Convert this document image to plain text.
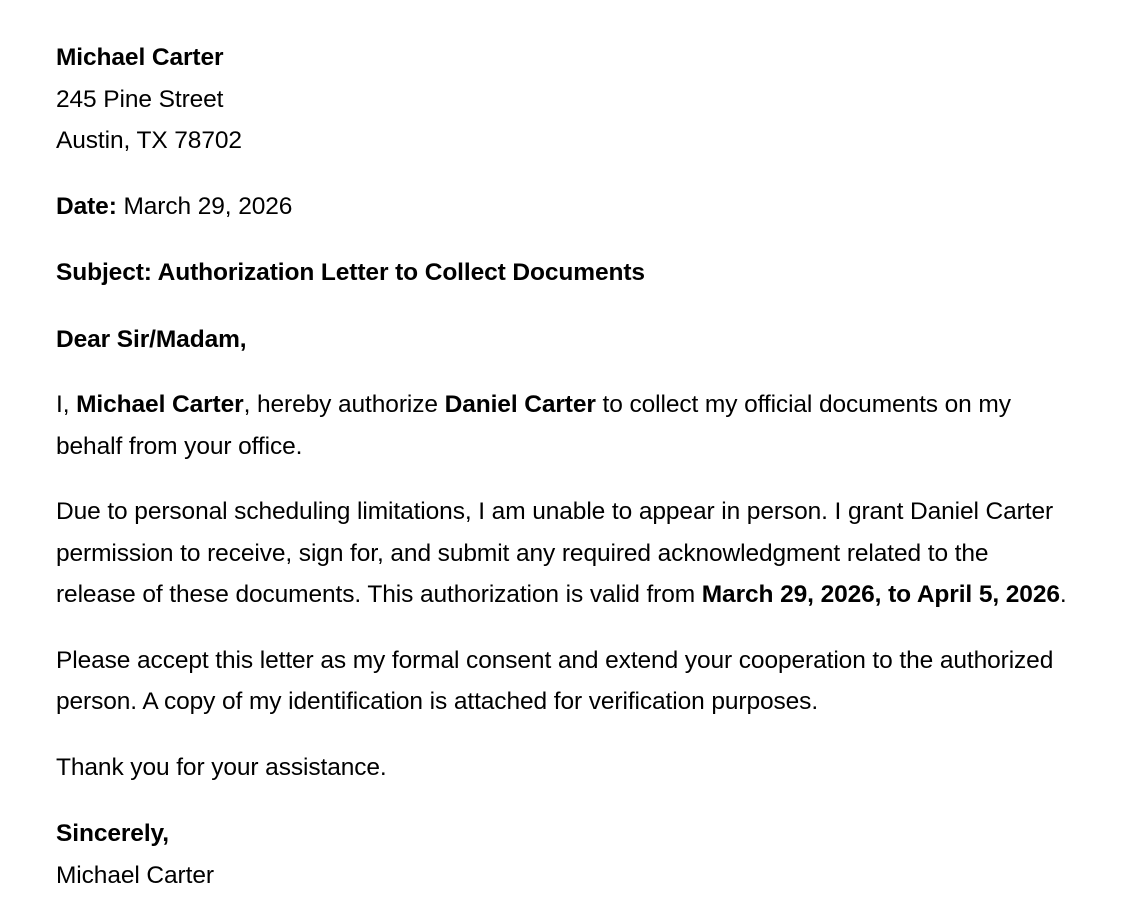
Michael Carter
245 Pine Street
Austin, TX 78702

Date: March 29, 2026

Subject: Authorization Letter to Collect Documents

Dear Sir/Madam,

I, Michael Carter, hereby authorize Daniel Carter to collect my official documents on my behalf from your office.

Due to personal scheduling limitations, I am unable to appear in person. I grant Daniel Carter permission to receive, sign for, and submit any required acknowledgment related to the release of these documents. This authorization is valid from March 29, 2026, to April 5, 2026.

Please accept this letter as my formal consent and extend your cooperation to the authorized person. A copy of my identification is attached for verification purposes.

Thank you for your assistance.

Sincerely,

Michael Carter
